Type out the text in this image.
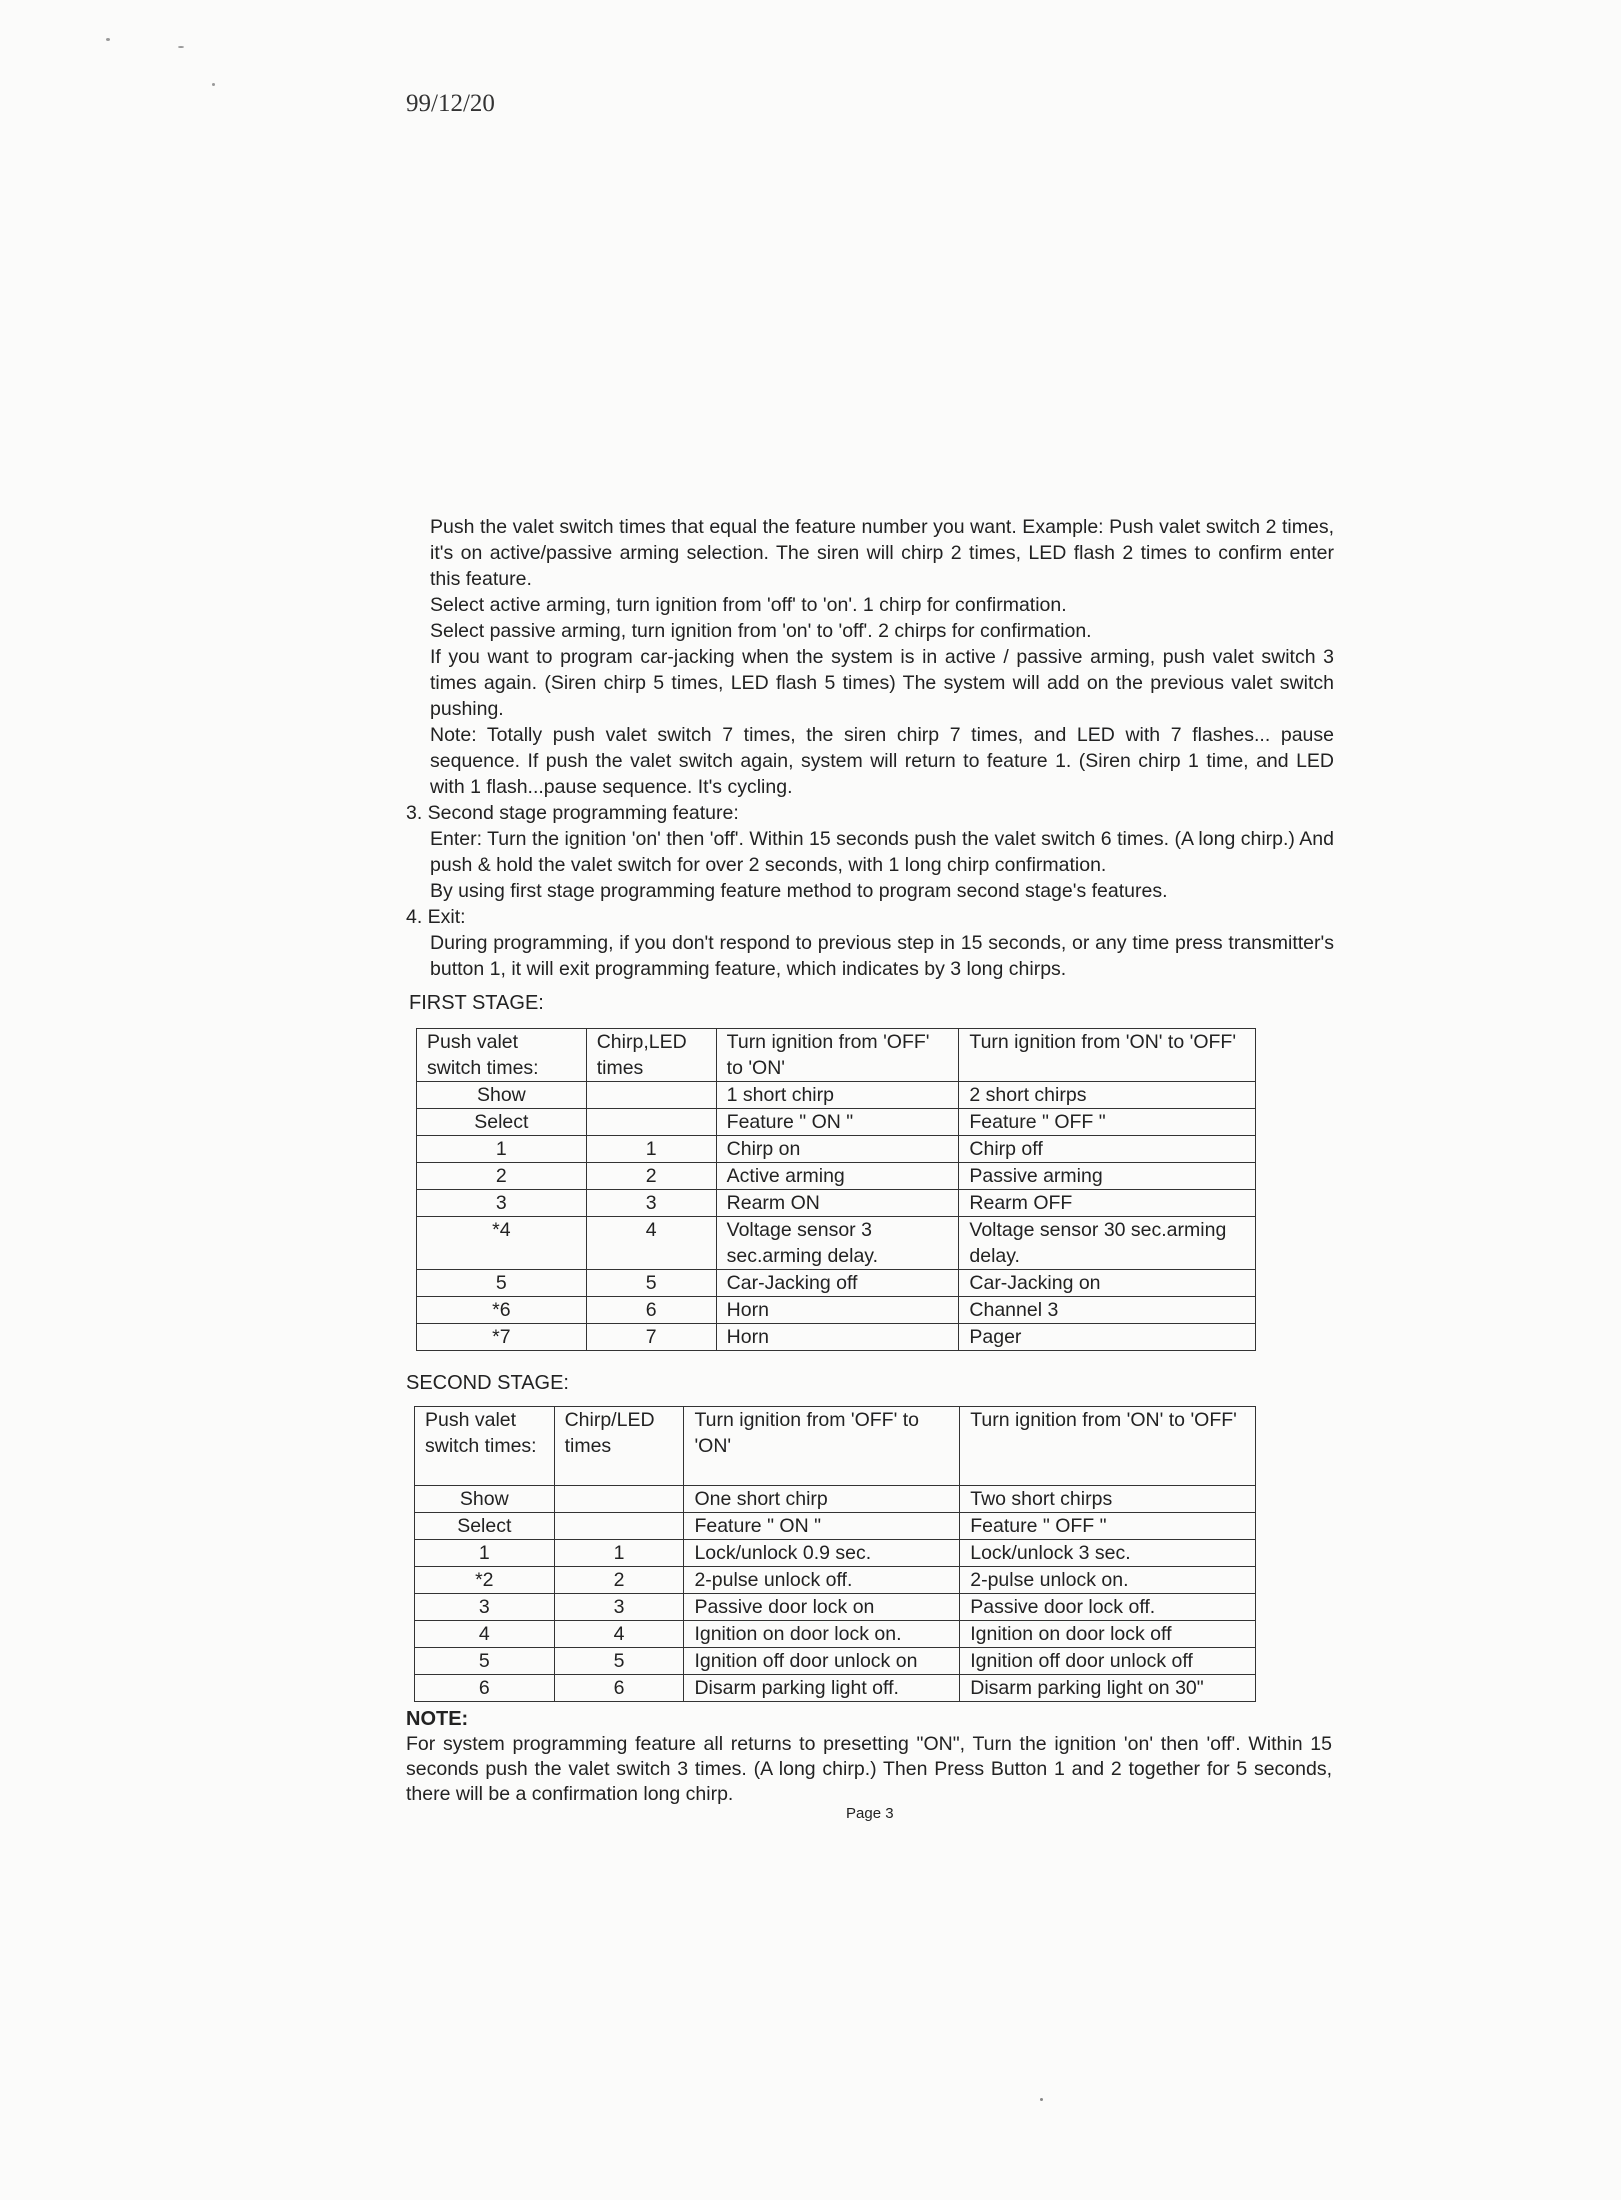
99/12/20

Push the valet switch times that equal the feature number you want. Example: Push valet switch 2 times, it's on active/passive arming selection. The siren will chirp 2 times, LED flash 2 times to confirm enter this feature.

Select active arming, turn ignition from 'off' to 'on'. 1 chirp for confirmation.

Select passive arming, turn ignition from 'on' to 'off'. 2 chirps for confirmation.

If you want to program car-jacking when the system is in active / passive arming, push valet switch 3 times again. (Siren chirp 5 times, LED flash 5 times) The system will add on the previous valet switch pushing.

Note: Totally push valet switch 7 times, the siren chirp 7 times, and LED with 7 flashes... pause sequence. If push the valet switch again, system will return to feature 1. (Siren chirp 1 time, and LED with 1 flash...pause sequence. It's cycling.

3. Second stage programming feature:

Enter: Turn the ignition 'on' then 'off'. Within 15 seconds push the valet switch 6 times. (A long chirp.) And push & hold the valet switch for over 2 seconds, with 1 long chirp confirmation.

By using first stage programming feature method to program second stage's features.

4. Exit:

During programming, if you don't respond to previous step in 15 seconds, or any time press transmitter's button 1, it will exit programming feature, which indicates by 3 long chirps.

FIRST STAGE:
Push valet switch times:	Chirp,LED times	Turn ignition from 'OFF' to 'ON'	Turn ignition from 'ON' to 'OFF'
Show		1 short chirp	2 short chirps
Select		Feature " ON "	Feature " OFF "
1	1	Chirp on	Chirp off
2	2	Active arming	Passive arming
3	3	Rearm ON	Rearm OFF
*4	4	Voltage sensor 3 sec.arming delay.	Voltage sensor 30 sec.arming delay.
5	5	Car-Jacking off	Car-Jacking on
*6	6	Horn	Channel 3
*7	7	Horn	Pager
SECOND STAGE:
Push valet switch times:	Chirp/LED times	Turn ignition from 'OFF' to 'ON'	Turn ignition from 'ON' to 'OFF'
Show		One short chirp	Two short chirps
Select		Feature " ON "	Feature " OFF "
1	1	Lock/unlock 0.9 sec.	Lock/unlock 3 sec.
*2	2	2-pulse unlock off.	2-pulse unlock on.
3	3	Passive door lock on	Passive door lock off.
4	4	Ignition on door lock on.	Ignition on door lock off
5	5	Ignition off door unlock on	Ignition off door unlock off
6	6	Disarm parking light off.	Disarm parking light on 30"
NOTE:
For system programming feature all returns to presetting "ON", Turn the ignition 'on' then 'off'. Within 15 seconds push the valet switch 3 times. (A long chirp.) Then Press Button 1 and 2 together for 5 seconds, there will be a confirmation long chirp.
Page 3
